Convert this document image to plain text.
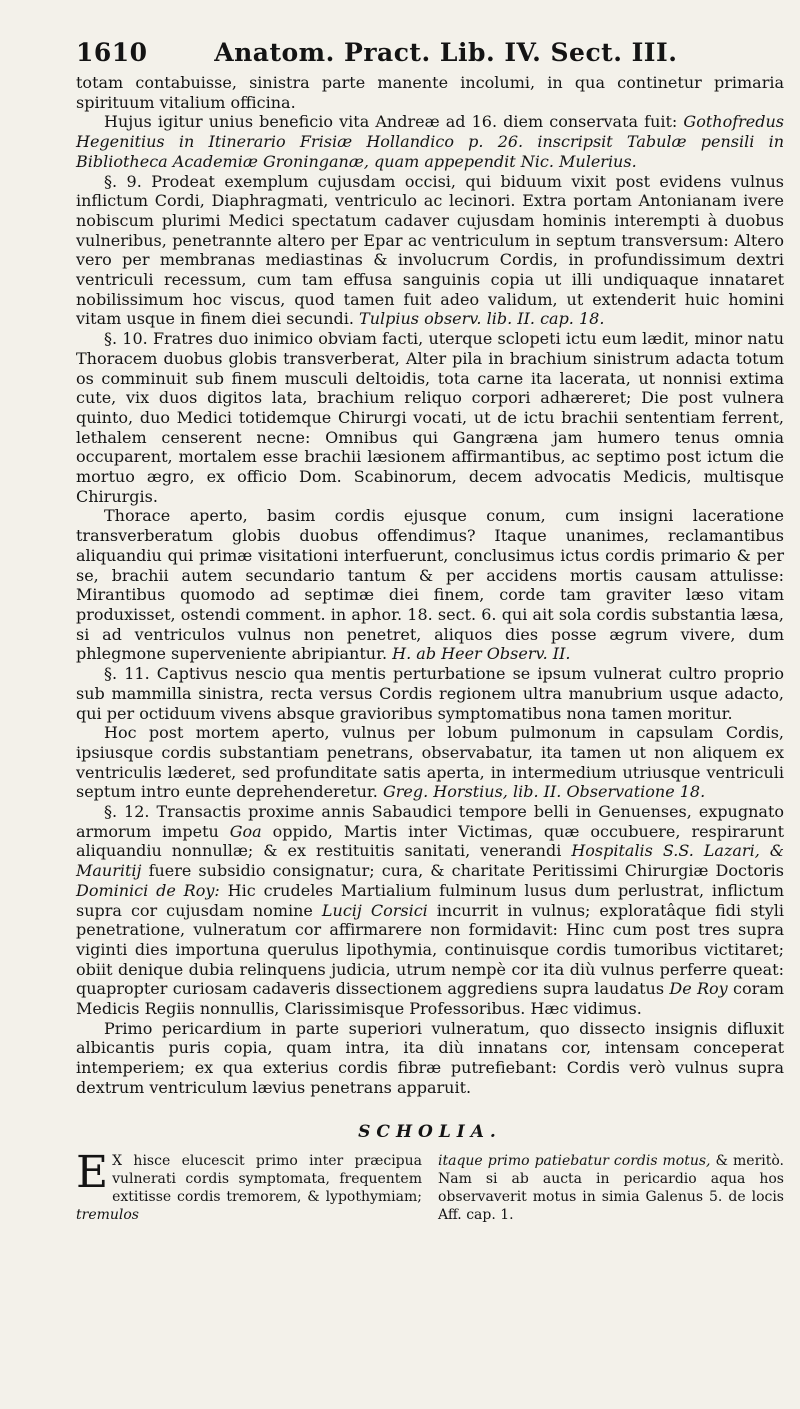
1610	Anatom. Pract. Lib. IV. Sect. III.

totam contabuisse, sinistra parte manente incolumi, in qua continetur primaria spirituum vitalium officina.

Hujus igitur unius beneficio vita Andreæ ad 16. diem conservata fuit: Gothofredus Hegenitius in Itinerario Frisiæ Hollandico p. 26. inscripsit Tabulæ pensili in Bibliotheca Academiæ Groninganæ, quam appependit Nic. Mulerius.

§. 9. Prodeat exemplum cujusdam occisi, qui biduum vixit post evidens vulnus inflictum Cordi, Diaphragmati, ventriculo ac lecinori. Extra portam Antonianam ivere nobiscum plurimi Medici spectatum cadaver cujusdam hominis interempti à duobus vulneribus, penetrannte altero per Epar ac ventriculum in septum transversum: Altero vero per membranas mediastinas & involucrum Cordis, in profundissimum dextri ventriculi recessum, cum tam effusa sanguinis copia ut illi undiquaque innataret nobilissimum hoc viscus, quod tamen fuit adeo validum, ut extenderit huic homini vitam usque in finem diei secundi. Tulpius observ. lib. II. cap. 18.

§. 10. Fratres duo inimico obviam facti, uterque sclopeti ictu eum lædit, minor natu Thoracem duobus globis transverberat, Alter pila in brachium sinistrum adacta totum os comminuit sub finem musculi deltoidis, tota carne ita lacerata, ut nonnisi extima cute, vix duos digitos lata, brachium reliquo corpori adhæreret; Die post vulnera quinto, duo Medici totidemque Chirurgi vocati, ut de ictu brachii sententiam ferrent, lethalem censerent necne: Omnibus qui Gangræna jam humero tenus omnia occuparent, mortalem esse brachii læsionem affirmantibus, ac septimo post ictum die mortuo ægro, ex officio Dom. Scabinorum, decem advocatis Medicis, multisque Chirurgis.

Thorace aperto, basim cordis ejusque conum, cum insigni laceratione transverberatum globis duobus offendimus? Itaque unanimes, reclamantibus aliquandiu qui primæ visitationi interfuerunt, conclusimus ictus cordis primario & per se, brachii autem secundario tantum & per accidens mortis causam attulisse: Mirantibus quomodo ad septimæ diei finem, corde tam graviter læso vitam produxisset, ostendi comment. in aphor. 18. sect. 6. qui ait sola cordis substantia læsa, si ad ventriculos vulnus non penetret, aliquos dies posse ægrum vivere, dum phlegmone superveniente abripiantur. H. ab Heer Observ. II.

§. 11. Captivus nescio qua mentis perturbatione se ipsum vulnerat cultro proprio sub mammilla sinistra, recta versus Cordis regionem ultra manubrium usque adacto, qui per octiduum vivens absque gravioribus symptomatibus nona tamen moritur.

Hoc post mortem aperto, vulnus per lobum pulmonum in capsulam Cordis, ipsiusque cordis substantiam penetrans, observabatur, ita tamen ut non aliquem ex ventriculis læderet, sed profunditate satis aperta, in intermedium utriusque ventriculi septum intro eunte deprehenderetur. Greg. Horstius, lib. II. Observatione 18.

§. 12. Transactis proxime annis Sabaudici tempore belli in Genuenses, expugnato armorum impetu Goa oppido, Martis inter Victimas, quæ occubuere, respirarunt aliquandiu nonnullæ; & ex restituitis sanitati, venerandi Hospitalis S.S. Lazari, & Mauritij fuere subsidio consignatur; cura, & charitate Peritissimi Chirurgiæ Doctoris Dominici de Roy: Hic crudeles Martialium fulminum lusus dum perlustrat, inflictum supra cor cujusdam nomine Lucij Corsici incurrit in vulnus; exploratâque fidi styli penetratione, vulneratum cor affirmarere non formidavit: Hinc cum post tres supra viginti dies importuna querulus lipothymia, continuisque cordis tumoribus victitaret; obiit denique dubia relinquens judicia, utrum nempè cor ita diù vulnus perferre queat: quapropter curiosam cadaveris dissectionem aggrediens supra laudatus De Roy coram Medicis Regiis nonnullis, Clarissimisque Professoribus. Hæc vidimus.

Primo pericardium in parte superiori vulneratum, quo dissecto insignis difluxit albicantis puris copia, quam intra, ita diù innatans cor, intensam conceperat intemperiem; ex qua exterius cordis fibræ putrefiebant: Cordis verò vulnus supra dextrum ventriculum lævius penetrans apparuit.

SCHOLIA.
E X hisce elucescit primo inter præcipua vulnerati cordis symptomata, frequentem extitisse cordis tremorem, & lypothymiam; tremulos
itaque primo patiebatur cordis motus, & meritò. Nam si ab aucta in pericardio aqua hos observaverit motus in simia Galenus 5. de locis Aff. cap. 1.
